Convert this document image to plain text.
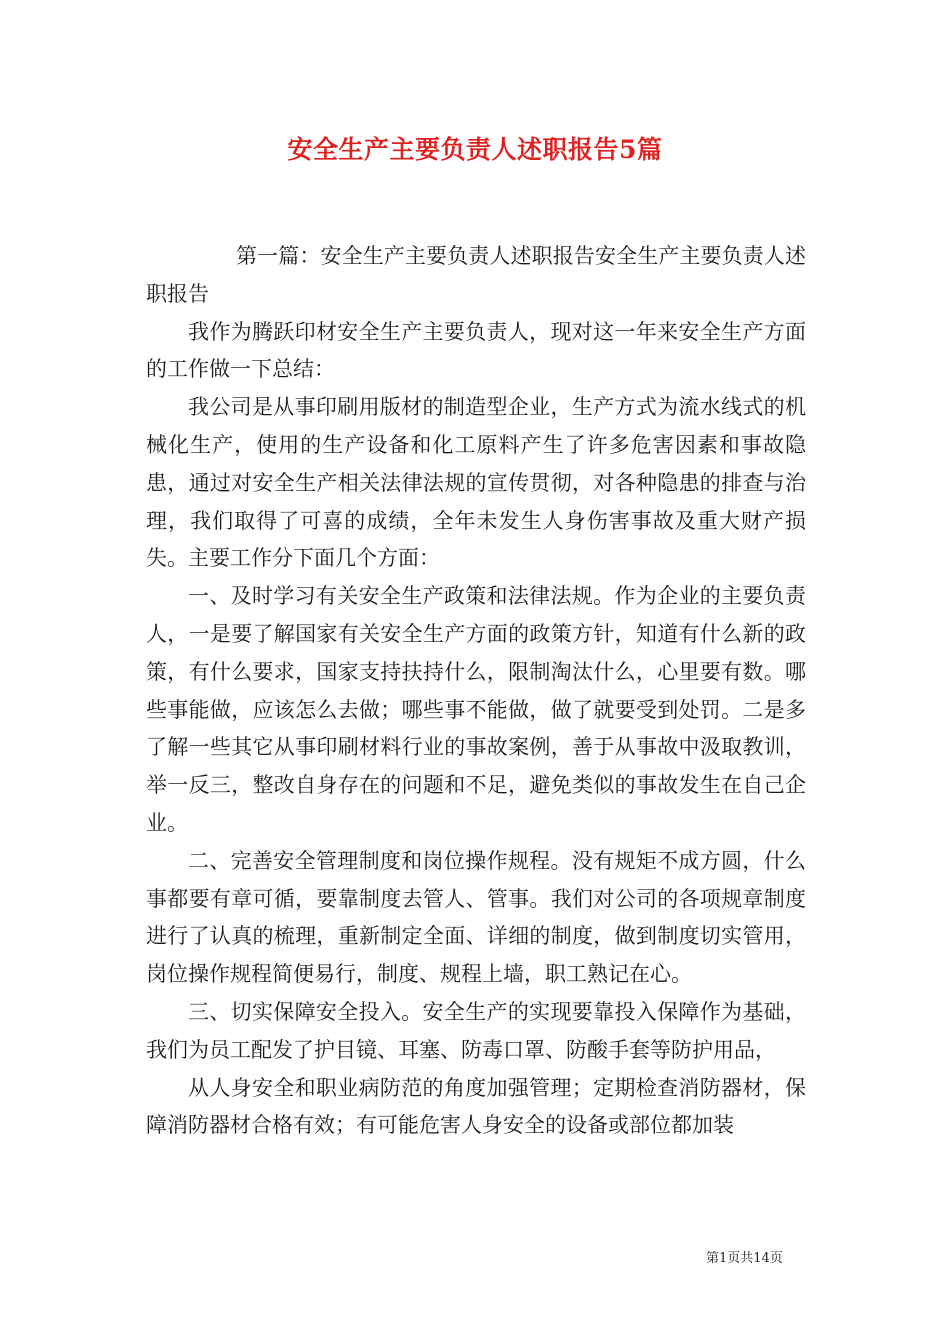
安全生产主要负责人述职报告5篇

第一篇：安全生产主要负责人述职报告安全生产主要负责人述职报告

我作为腾跃印材安全生产主要负责人，现对这一年来安全生产方面的工作做一下总结：

我公司是从事印刷用版材的制造型企业，生产方式为流水线式的机械化生产，使用的生产设备和化工原料产生了许多危害因素和事故隐患，通过对安全生产相关法律法规的宣传贯彻，对各种隐患的排查与治理，我们取得了可喜的成绩，全年未发生人身伤害事故及重大财产损失。主要工作分下面几个方面：

一、及时学习有关安全生产政策和法律法规。作为企业的主要负责人，一是要了解国家有关安全生产方面的政策方针，知道有什么新的政策，有什么要求，国家支持扶持什么，限制淘汰什么，心里要有数。哪些事能做，应该怎么去做；哪些事不能做，做了就要受到处罚。二是多了解一些其它从事印刷材料行业的事故案例，善于从事故中汲取教训，举一反三，整改自身存在的问题和不足，避免类似的事故发生在自己企业。

二、完善安全管理制度和岗位操作规程。没有规矩不成方圆，什么事都要有章可循，要靠制度去管人、管事。我们对公司的各项规章制度进行了认真的梳理，重新制定全面、详细的制度，做到制度切实管用，岗位操作规程简便易行，制度、规程上墙，职工熟记在心。

三、切实保障安全投入。安全生产的实现要靠投入保障作为基础，我们为员工配发了护目镜、耳塞、防毒口罩、防酸手套等防护用品，

从人身安全和职业病防范的角度加强管理；定期检查消防器材，保障消防器材合格有效；有可能危害人身安全的设备或部位都加装

第1页共14页
